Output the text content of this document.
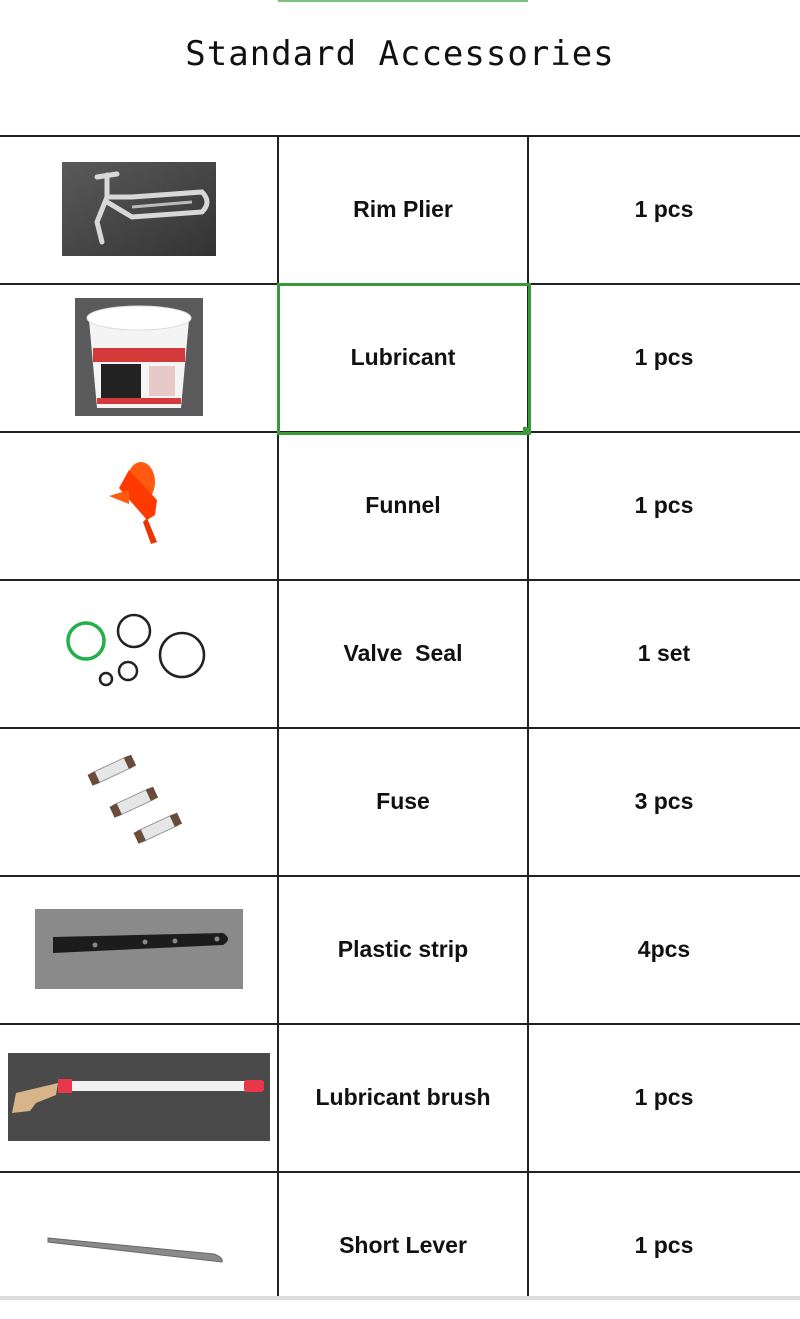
Standard Accessories
Rim Plier	1 pcs
Lubricant	1 pcs
Funnel	1 pcs
Valve  Seal	1 set
Fuse	3 pcs
Plastic strip	4pcs
Lubricant brush	1 pcs
Short Lever	1 pcs
